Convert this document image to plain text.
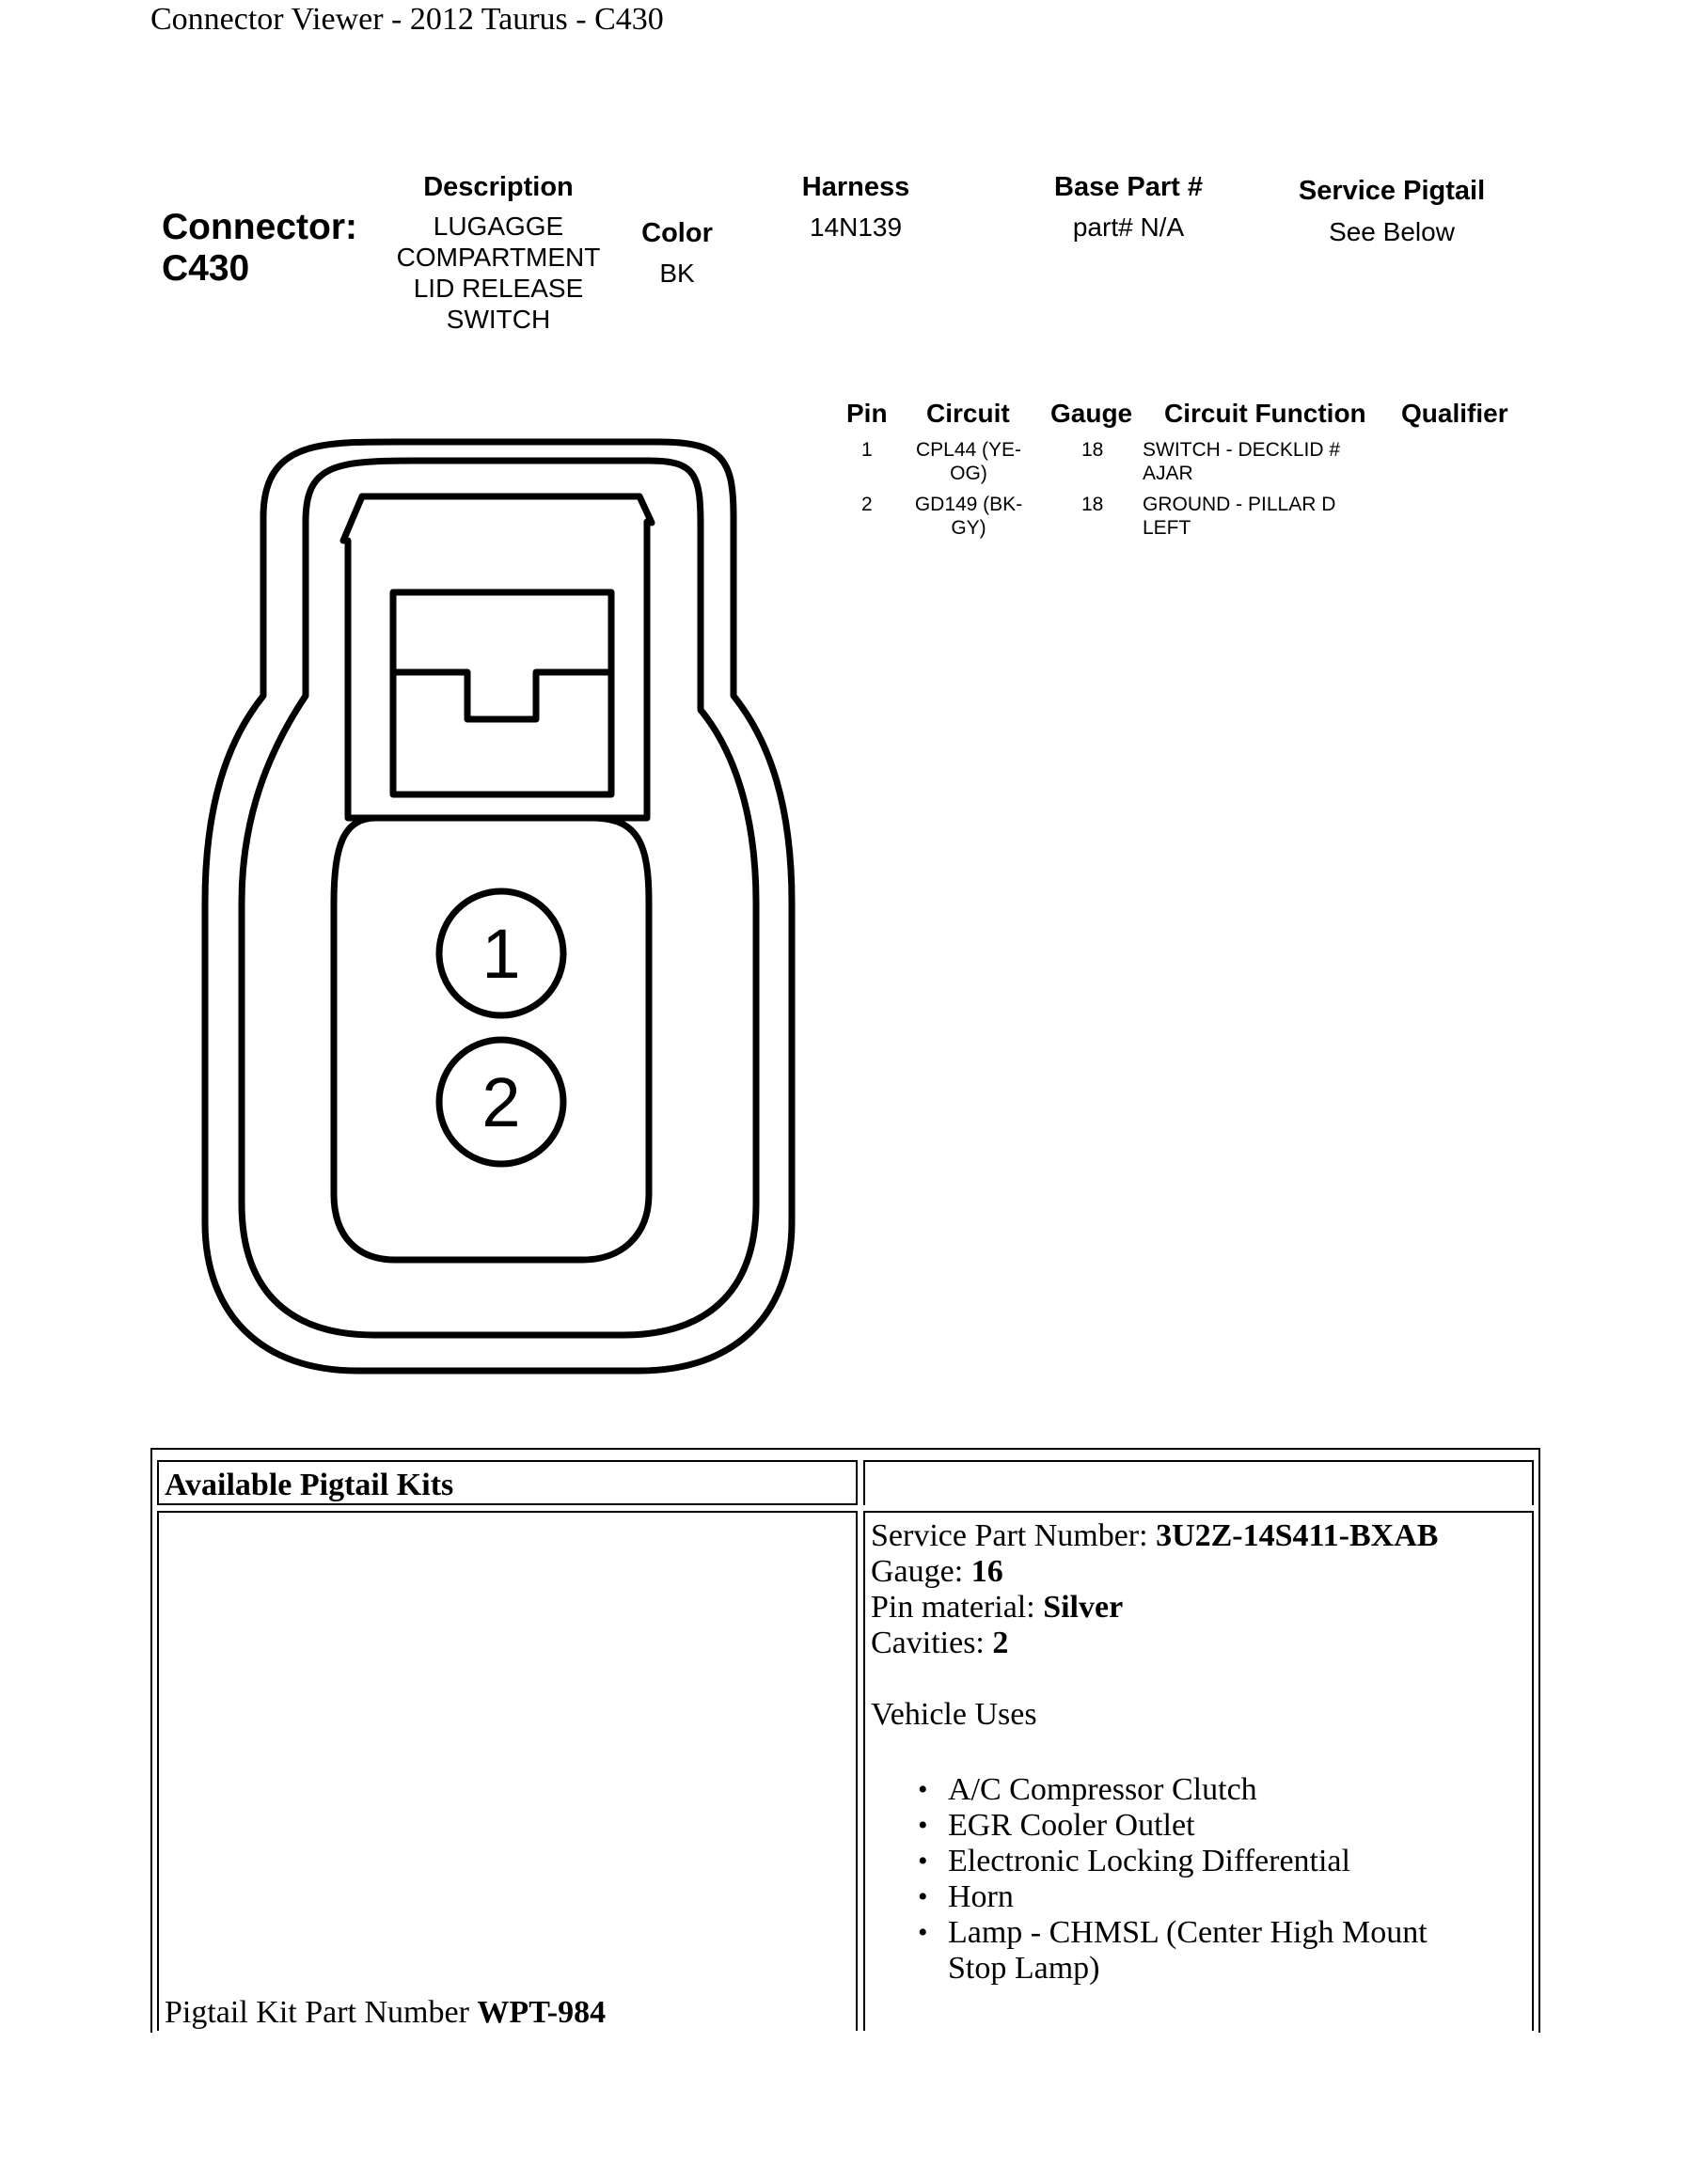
Connector Viewer - 2012 Taurus - C430
Connector:
C430
Description
LUGAGGE
COMPARTMENT
LID RELEASE
SWITCH
Color
BK
Harness
14N139
Base Part #
part# N/A
Service Pigtail
See Below
Pin Circuit Gauge Circuit Function Qualifier
1	CPL44 (YE-
OG)
18 SWITCH - DECKLID #
AJAR
2	GD149 (BK-
GY)
18 GROUND - PILLAR D
LEFT
1
2
Available Pigtail Kits
Pigtail Kit Part Number WPT-984
Service Part Number: 3U2Z-14S411-BXAB
Gauge: 16
Pin material: Silver
Cavities: 2
Vehicle Uses
• A/C Compressor Clutch
• EGR Cooler Outlet
• Electronic Locking Differential
• Horn
• Lamp - CHMSL (Center High Mount Stop Lamp)
